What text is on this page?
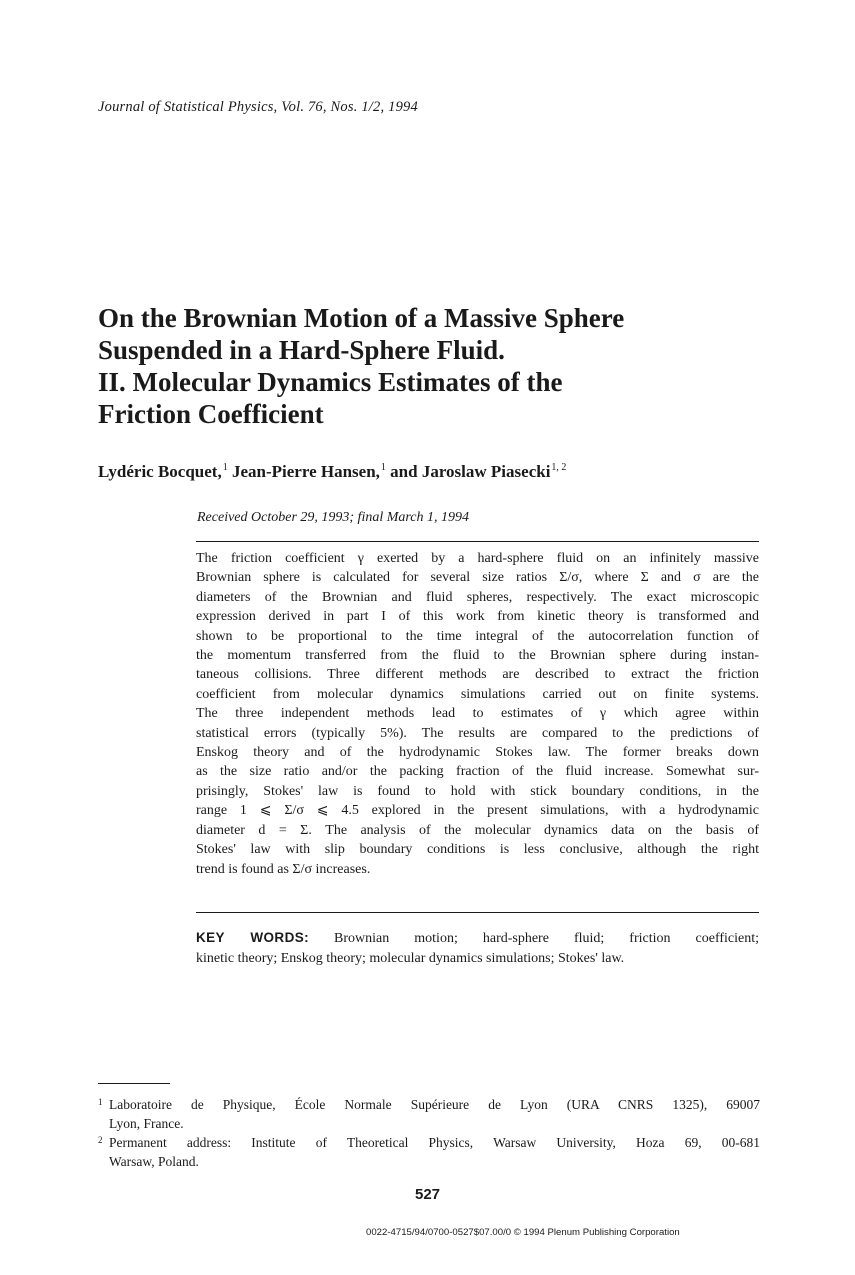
Journal of Statistical Physics, Vol. 76, Nos. 1/2, 1994
On the Brownian Motion of a Massive Sphere
Suspended in a Hard-Sphere Fluid.
II. Molecular Dynamics Estimates of the
Friction Coefficient
Lydéric Bocquet,$^1$ Jean-Pierre Hansen,$^1$ and Jaroslaw Piasecki$^{1, 2}$
Received October 29, 1993; final March 1, 1994
The friction coefficient γ exerted by a hard-sphere fluid on an infinitely massive
Brownian sphere is calculated for several size ratios Σ/σ, where Σ and σ are the
diameters of the Brownian and fluid spheres, respectively. The exact microscopic
expression derived in part I of this work from kinetic theory is transformed and
shown to be proportional to the time integral of the autocorrelation function of
the momentum transferred from the fluid to the Brownian sphere during instan-
taneous collisions. Three different methods are described to extract the friction
coefficient from molecular dynamics simulations carried out on finite systems.
The three independent methods lead to estimates of γ which agree within
statistical errors (typically 5%). The results are compared to the predictions of
Enskog theory and of the hydrodynamic Stokes law. The former breaks down
as the size ratio and/or the packing fraction of the fluid increase. Somewhat sur-
prisingly, Stokes' law is found to hold with stick boundary conditions, in the
range 1 ⩽ Σ/σ ⩽ 4.5 explored in the present simulations, with a hydrodynamic
diameter d = Σ. The analysis of the molecular dynamics data on the basis of
Stokes' law with slip boundary conditions is less conclusive, although the right
trend is found as Σ/σ increases.
KEY WORDS: Brownian motion; hard-sphere fluid; friction coefficient;
kinetic theory; Enskog theory; molecular dynamics simulations; Stokes' law.
1 Laboratoire de Physique, École Normale Supérieure de Lyon (URA CNRS 1325), 69007
Lyon, France.
2 Permanent address: Institute of Theoretical Physics, Warsaw University, Hoza 69, 00-681
Warsaw, Poland.
527
0022-4715/94/0700-0527$07.00/0 © 1994 Plenum Publishing Corporation
